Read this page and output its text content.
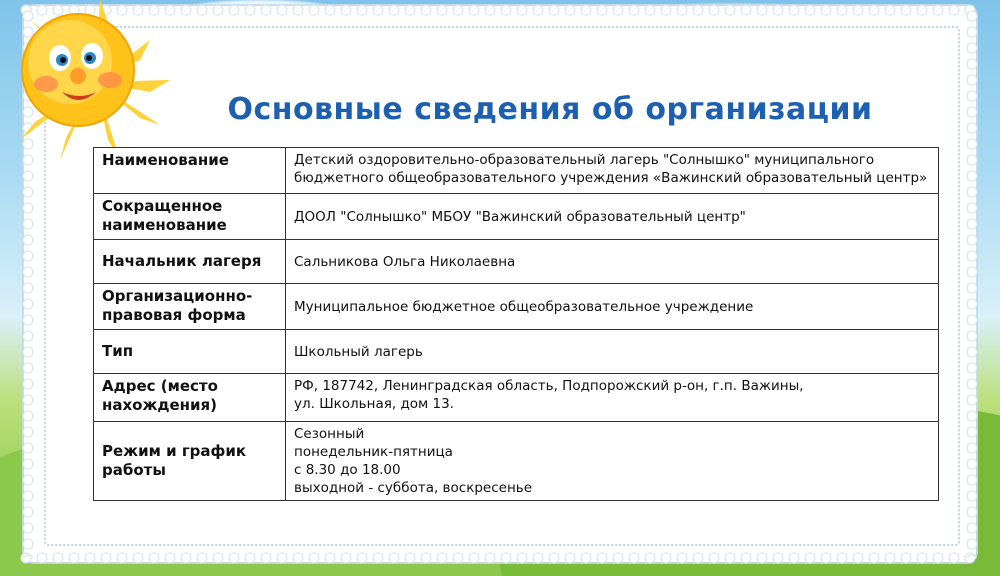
Основные сведения об организации
Наименование	Детский оздоровительно-образовательный лагерь "Солнышко" муниципального
бюджетного общеобразовательного учреждения «Важинский образовательный центр»

Сокращенное наименование	ДООЛ "Солнышко" МБОУ "Важинский образовательный центр"

Начальник лагеря	Сальникова Ольга Николаевна

Организационно-правовая форма	Муниципальное бюджетное общеобразовательное учреждение

Тип	Школьный лагерь

Адрес (место нахождения)	РФ, 187742, Ленинградская область, Подпорожский р-он, г.п. Важины,
ул. Школьная, дом 13.

Режим и график работы	Сезонный
понедельник-пятница
с 8.30 до 18.00
выходной - суббота, воскресенье
